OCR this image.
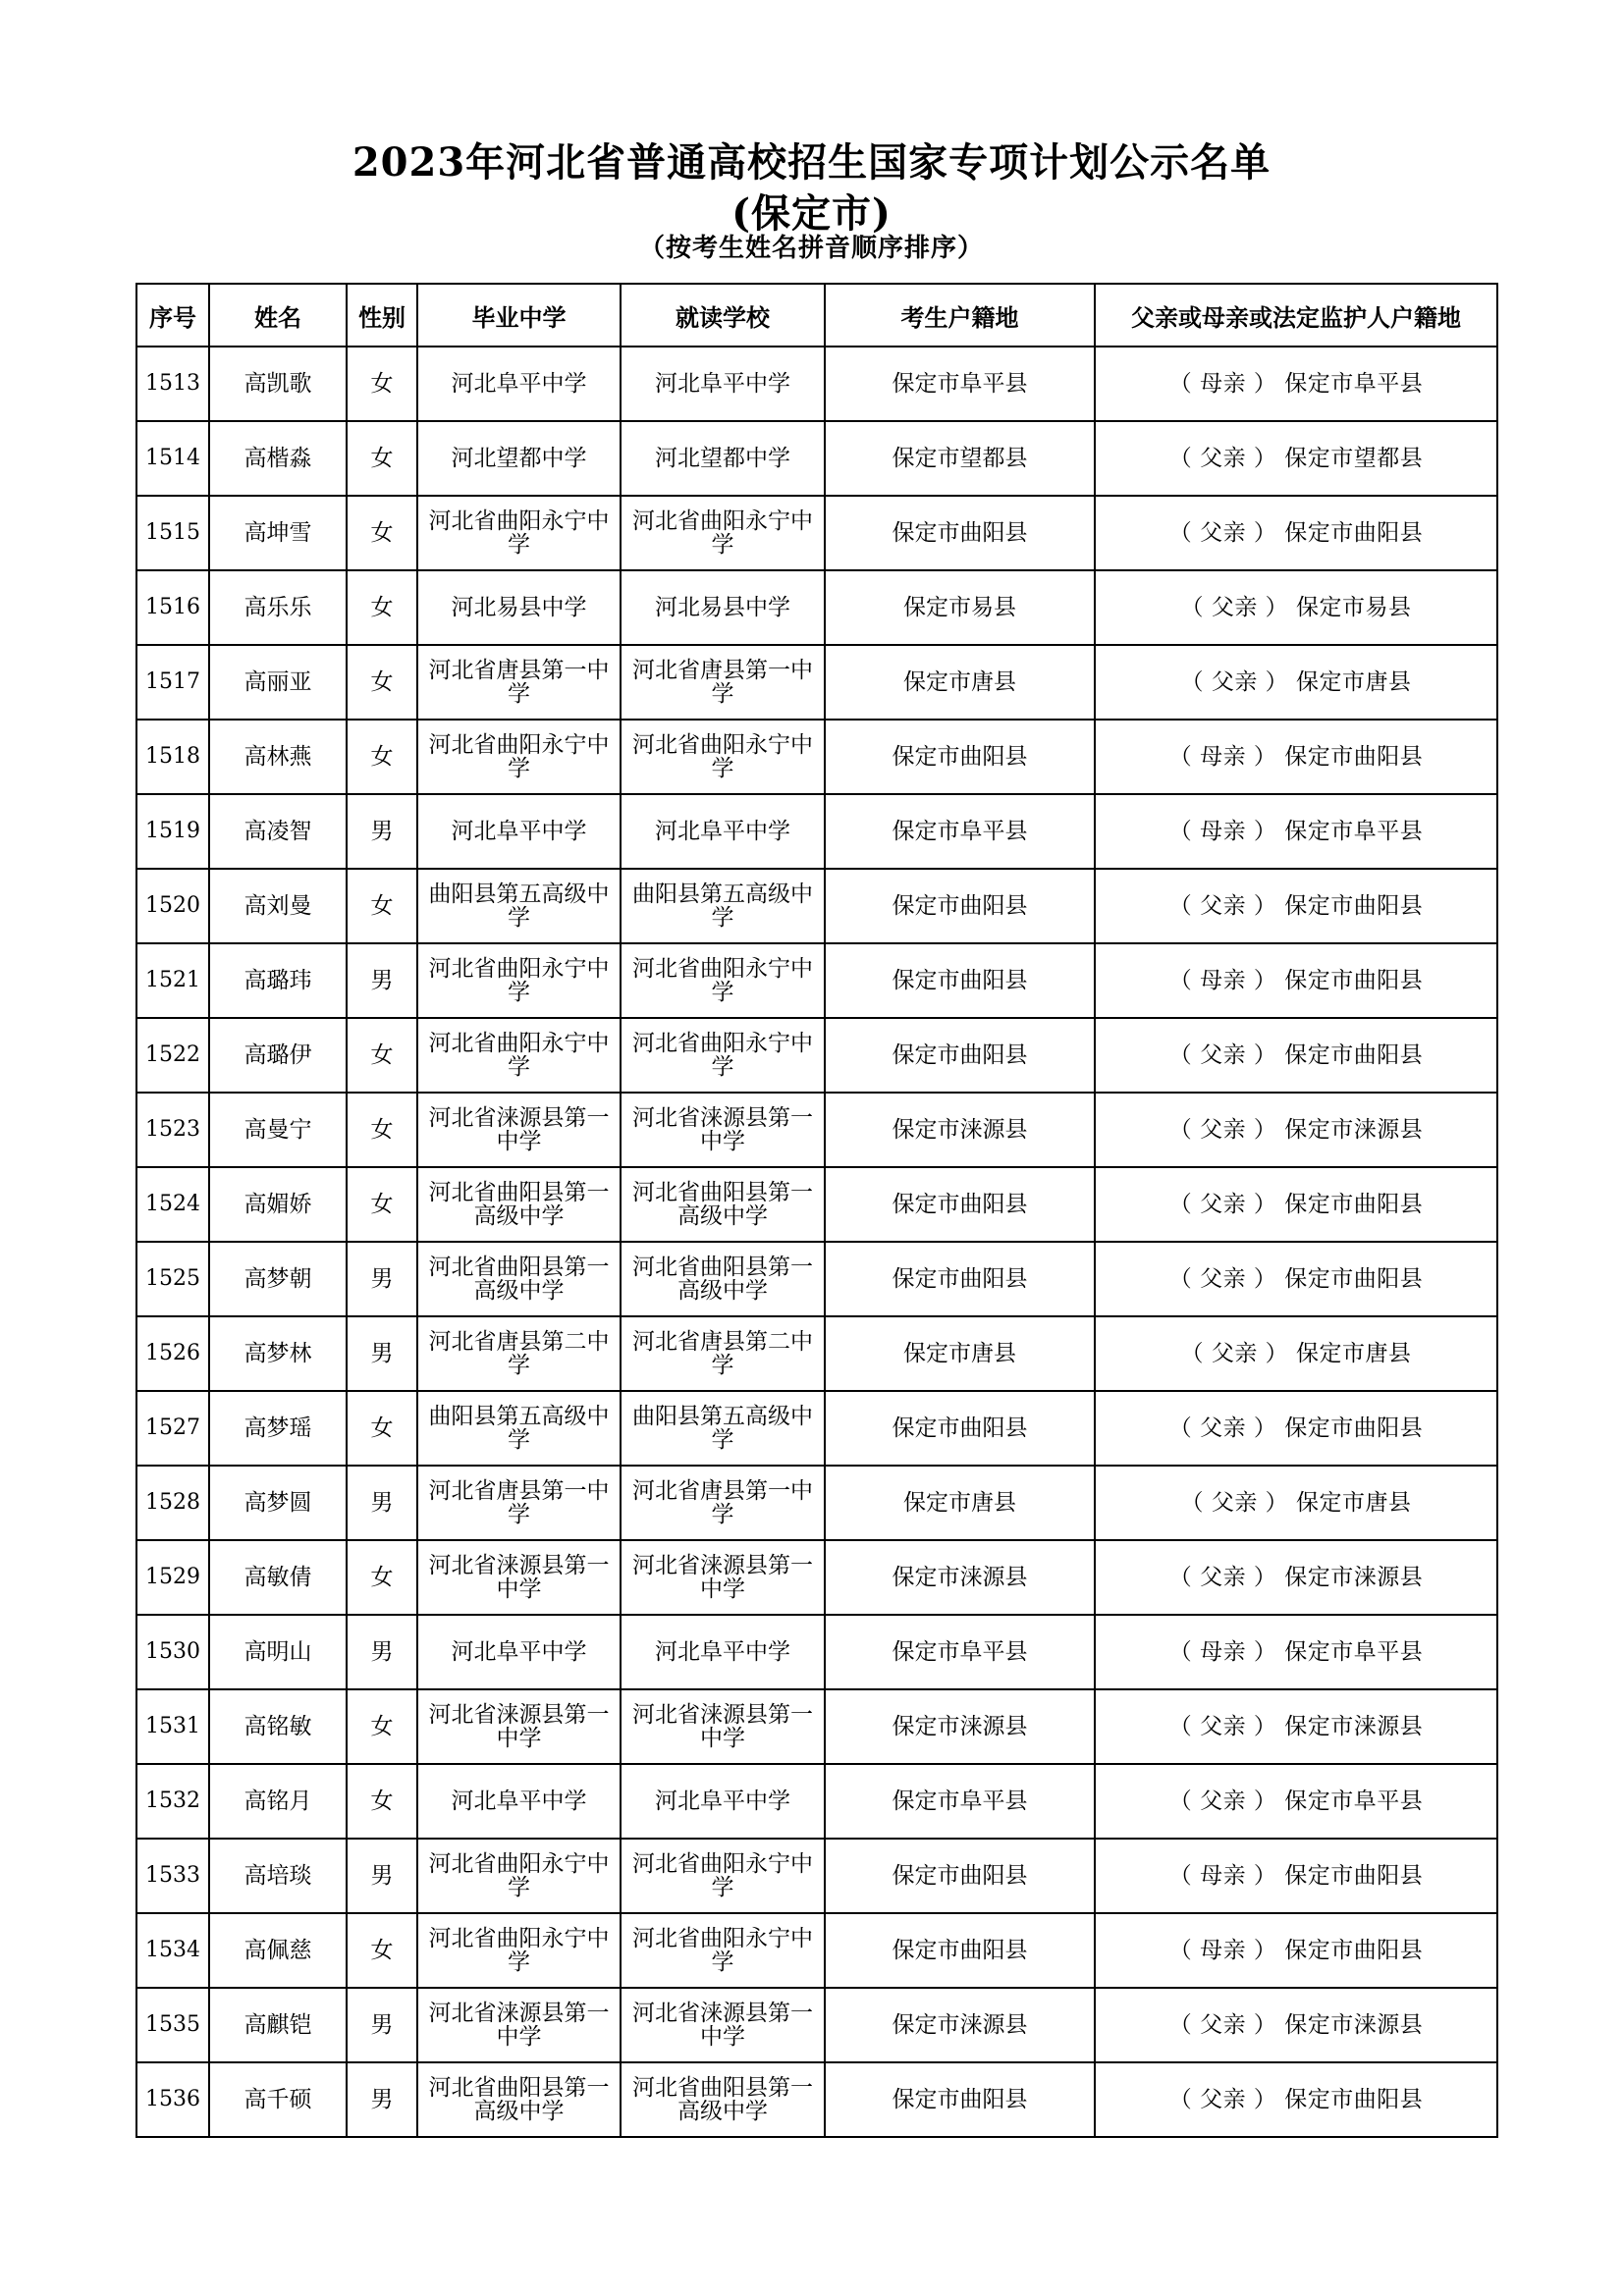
2023年河北省普通高校招生国家专项计划公示名单
(保定市)
（按考生姓名拼音顺序排序）
序号	姓名	性别	毕业中学	就读学校	考生户籍地	父亲或母亲或法定监护人户籍地
1513	高凯歌	女	河北阜平中学	河北阜平中学	保定市阜平县	（ 母亲 ） 保定市阜平县
1514	高楷淼	女	河北望都中学	河北望都中学	保定市望都县	（ 父亲 ） 保定市望都县
1515	高坤雪	女	河北省曲阳永宁中学	河北省曲阳永宁中学	保定市曲阳县	（ 父亲 ） 保定市曲阳县
1516	高乐乐	女	河北易县中学	河北易县中学	保定市易县	（ 父亲 ） 保定市易县
1517	高丽亚	女	河北省唐县第一中学	河北省唐县第一中学	保定市唐县	（ 父亲 ） 保定市唐县
1518	高林燕	女	河北省曲阳永宁中学	河北省曲阳永宁中学	保定市曲阳县	（ 母亲 ） 保定市曲阳县
1519	高凌智	男	河北阜平中学	河北阜平中学	保定市阜平县	（ 母亲 ） 保定市阜平县
1520	高刘曼	女	曲阳县第五高级中学	曲阳县第五高级中学	保定市曲阳县	（ 父亲 ） 保定市曲阳县
1521	高璐玮	男	河北省曲阳永宁中学	河北省曲阳永宁中学	保定市曲阳县	（ 母亲 ） 保定市曲阳县
1522	高璐伊	女	河北省曲阳永宁中学	河北省曲阳永宁中学	保定市曲阳县	（ 父亲 ） 保定市曲阳县
1523	高曼宁	女	河北省涞源县第一中学	河北省涞源县第一中学	保定市涞源县	（ 父亲 ） 保定市涞源县
1524	高媚娇	女	河北省曲阳县第一高级中学	河北省曲阳县第一高级中学	保定市曲阳县	（ 父亲 ） 保定市曲阳县
1525	高梦朝	男	河北省曲阳县第一高级中学	河北省曲阳县第一高级中学	保定市曲阳县	（ 父亲 ） 保定市曲阳县
1526	高梦林	男	河北省唐县第二中学	河北省唐县第二中学	保定市唐县	（ 父亲 ） 保定市唐县
1527	高梦瑶	女	曲阳县第五高级中学	曲阳县第五高级中学	保定市曲阳县	（ 父亲 ） 保定市曲阳县
1528	高梦圆	男	河北省唐县第一中学	河北省唐县第一中学	保定市唐县	（ 父亲 ） 保定市唐县
1529	高敏倩	女	河北省涞源县第一中学	河北省涞源县第一中学	保定市涞源县	（ 父亲 ） 保定市涞源县
1530	高明山	男	河北阜平中学	河北阜平中学	保定市阜平县	（ 母亲 ） 保定市阜平县
1531	高铭敏	女	河北省涞源县第一中学	河北省涞源县第一中学	保定市涞源县	（ 父亲 ） 保定市涞源县
1532	高铭月	女	河北阜平中学	河北阜平中学	保定市阜平县	（ 父亲 ） 保定市阜平县
1533	高培琰	男	河北省曲阳永宁中学	河北省曲阳永宁中学	保定市曲阳县	（ 母亲 ） 保定市曲阳县
1534	高佩慈	女	河北省曲阳永宁中学	河北省曲阳永宁中学	保定市曲阳县	（ 母亲 ） 保定市曲阳县
1535	高麒铠	男	河北省涞源县第一中学	河北省涞源县第一中学	保定市涞源县	（ 父亲 ） 保定市涞源县
1536	高千硕	男	河北省曲阳县第一高级中学	河北省曲阳县第一高级中学	保定市曲阳县	（ 父亲 ） 保定市曲阳县
